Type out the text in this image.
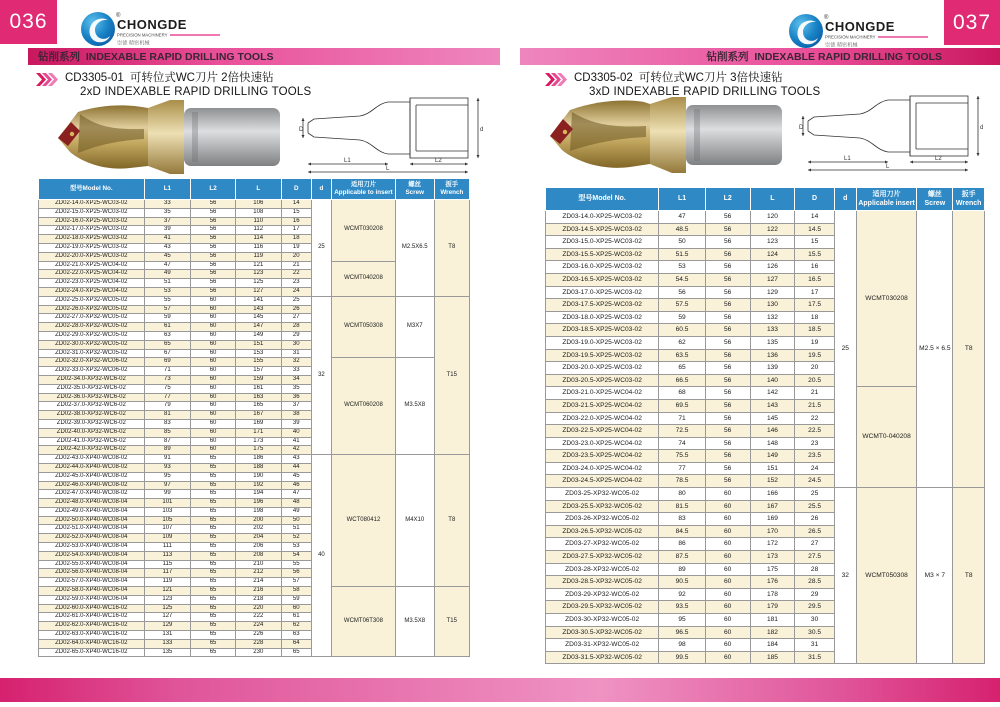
036	®
CHONGDE
PRECISION MACHINERY
崇德 精密机械
钻削系列  INDEXABLE RAPID DRILLING TOOLS
CD3305-01 可转位式WC刀片 2倍快速钻
2xD INDEXABLE RAPID DRILLING TOOLS
D	d
L1	L2
L
型号Model No.	L1	L2	L	D	d

适用刀片
Applicable to insert

螺丝
Screw

扳手
Wrench

ZD02-14.0-XP25-WC03-02	33	56	106	14	25	WCMT030208	M2.5X6.5	T8
ZD02-15.0-XP25-WC03-02	35	56	108	15				
ZD02-16.0-XP25-WC03-02	37	56	110	16				
ZD02-17.0-XP25-WC03-02	39	56	112	17				
ZD02-18.0-XP25-WC03-02	41	56	114	18				
ZD02-19.0-XP25-WC03-02	43	56	116	19				
ZD02-20.0-XP25-WC03-02	45	56	119	20				
ZD02-21.0-XP25-WC04-02	47	56	121	21		WCMT040208		
ZD02-22.0-XP25-WC04-02	49	56	123	22				
ZD02-23.0-XP25-WC04-02	51	56	125	23				
ZD02-24.0-XP25-WC04-02	53	56	127	24				
ZD02-25.0-XP32-WC05-02	55	60	141	25	32	WCMT050308	M3X7	T15
ZD02-26.0-XP32-WC05-02	57	60	143	26				
ZD02-27.0-XP32-WC05-02	59	60	145	27				
ZD02-28.0-XP32-WC05-02	61	60	147	28				
ZD02-29.0-XP32-WC05-02	63	60	149	29				
ZD02-30.0-XP32-WC05-02	65	60	151	30				
ZD02-31.0-XP32-WC05-02	67	60	153	31				
ZD02-32.0-XP32-WC06-02	69	60	155	32		WCMT060208	M3.5X8	
ZD02-33.0-XP32-WC06-02	71	60	157	33				
ZD02-34.0-XP32-WC6-02	73	60	159	34				
ZD02-35.0-XP32-WC6-02	75	60	161	35				
ZD02-36.0-XP32-WC6-02	77	60	163	36				
ZD02-37.0-XP32-WC6-02	79	60	165	37				
ZD02-38.0-XP32-WC6-02	81	60	167	38				
ZD02-39.0-XP32-WC6-02	83	60	169	39				
ZD02-40.0-XP32-WC6-02	85	60	171	40				
ZD02-41.0-XP32-WC6-02	87	60	173	41				
ZD02-42.0-XP32-WC6-02	89	60	175	42				
ZD02-43.0-XP40-WC08-02	91	65	186	43	40	WCT080412	M4X10	T8
ZD02-44.0-XP40-WC08-02	93	65	188	44				
ZD02-45.0-XP40-WC08-02	95	65	190	45				
ZD02-46.0-XP40-WC08-02	97	65	192	46				
ZD02-47.0-XP40-WC08-02	99	65	194	47				
ZD02-48.0-XP40-WC08-04	101	65	196	48				
ZD02-49.0-XP40-WC08-04	103	65	198	49				
ZD02-50.0-XP40-WC08-04	105	65	200	50				
ZD02-51.0-XP40-WC08-04	107	65	202	51				
ZD02-52.0-XP40-WC08-04	109	65	204	52				
ZD02-53.0-XP40-WC08-04	111	65	206	53				
ZD02-54.0-XP40-WC08-04	113	65	208	54				
ZD02-55.0-XP40-WC08-04	115	65	210	55				
ZD02-56.0-XP40-WC08-04	117	65	212	56				
ZD02-57.0-XP40-WC08-04	119	65	214	57				
ZD02-58.0-XP40-WC06-04	121	65	216	58		WCMT06T308	M3.5X8	T15
ZD02-59.0-XP40-WC06-04	123	65	218	59				
ZD02-60.0-XP40-WC16-02	125	65	220	60				
ZD02-61.0-XP40-WC16-02	127	65	222	61				
ZD02-62.0-XP40-WC16-02	129	65	224	62				
ZD02-63.0-XP40-WC16-02	131	65	226	63				
ZD02-64.0-XP40-WC16-02	133	65	228	64				
ZD02-65.0-XP40-WC16-02	135	65	230	65				
037
®
CHONGDE
PRECISION MACHINERY
崇德 精密机械
钻削系列  INDEXABLE RAPID DRILLING TOOLS
CD3305-02 可转位式WC刀片 3倍快速钻
3xD INDEXABLE RAPID DRILLING TOOLS
D	d
L1	L2
L
型号Model No.	L1	L2	L	D	d

适用刀片
Applicable insert

螺丝
Screw

扳手
Wrench

ZD03-14.0-XP25-WC03-02	47	56	120	14	25	WCMT030208	M2.5 × 6.5	T8
ZD03-14.5-XP25-WC03-02	48.5	56	122	14.5				
ZD03-15.0-XP25-WC03-02	50	56	123	15				
ZD03-15.5-XP25-WC03-02	51.5	56	124	15.5				
ZD03-16.0-XP25-WC03-02	53	56	126	16				
ZD03-16.5-XP25-WC03-02	54.5	56	127	16.5				
ZD03-17.0-XP25-WC03-02	56	56	129	17				
ZD03-17.5-XP25-WC03-02	57.5	56	130	17.5				
ZD03-18.0-XP25-WC03-02	59	56	132	18				
ZD03-18.5-XP25-WC03-02	60.5	56	133	18.5				
ZD03-19.0-XP25-WC03-02	62	56	135	19				
ZD03-19.5-XP25-WC03-02	63.5	56	136	19.5				
ZD03-20.0-XP25-WC03-02	65	56	139	20				
ZD03-20.5-XP25-WC03-02	66.5	56	140	20.5				
ZD03-21.0-XP25-WC04-02	68	56	142	21		WCMT0-040208		
ZD03-21.5-XP25-WC04-02	69.5	56	143	21.5				
ZD03-22.0-XP25-WC04-02	71	56	145	22				
ZD03-22.5-XP25-WC04-02	72.5	56	146	22.5				
ZD03-23.0-XP25-WC04-02	74	56	148	23				
ZD03-23.5-XP25-WC04-02	75.5	56	149	23.5				
ZD03-24.0-XP25-WC04-02	77	56	151	24				
ZD03-24.5-XP25-WC04-02	78.5	56	152	24.5				
ZD03-25-XP32-WC05-02	80	60	166	25	32	WCMT050308	M3 × 7	T8
ZD03-25.5-XP32-WC05-02	81.5	60	167	25.5				
ZD03-26-XP32-WC05-02	83	60	169	26				
ZD03-26.5-XP32-WC05-02	84.5	60	170	26.5				
ZD03-27-XP32-WC05-02	86	60	172	27				
ZD03-27.5-XP32-WC05-02	87.5	60	173	27.5				
ZD03-28-XP32-WC05-02	89	60	175	28				
ZD03-28.5-XP32-WC05-02	90.5	60	176	28.5				
ZD03-29-XP32-WC05-02	92	60	178	29				
ZD03-29.5-XP32-WC05-02	93.5	60	179	29.5				
ZD03-30-XP32-WC05-02	95	60	181	30				
ZD03-30.5-XP32-WC05-02	96.5	60	182	30.5				
ZD03-31-XP32-WC05-02	98	60	184	31				
ZD03-31.5-XP32-WC05-02	99.5	60	185	31.5				
